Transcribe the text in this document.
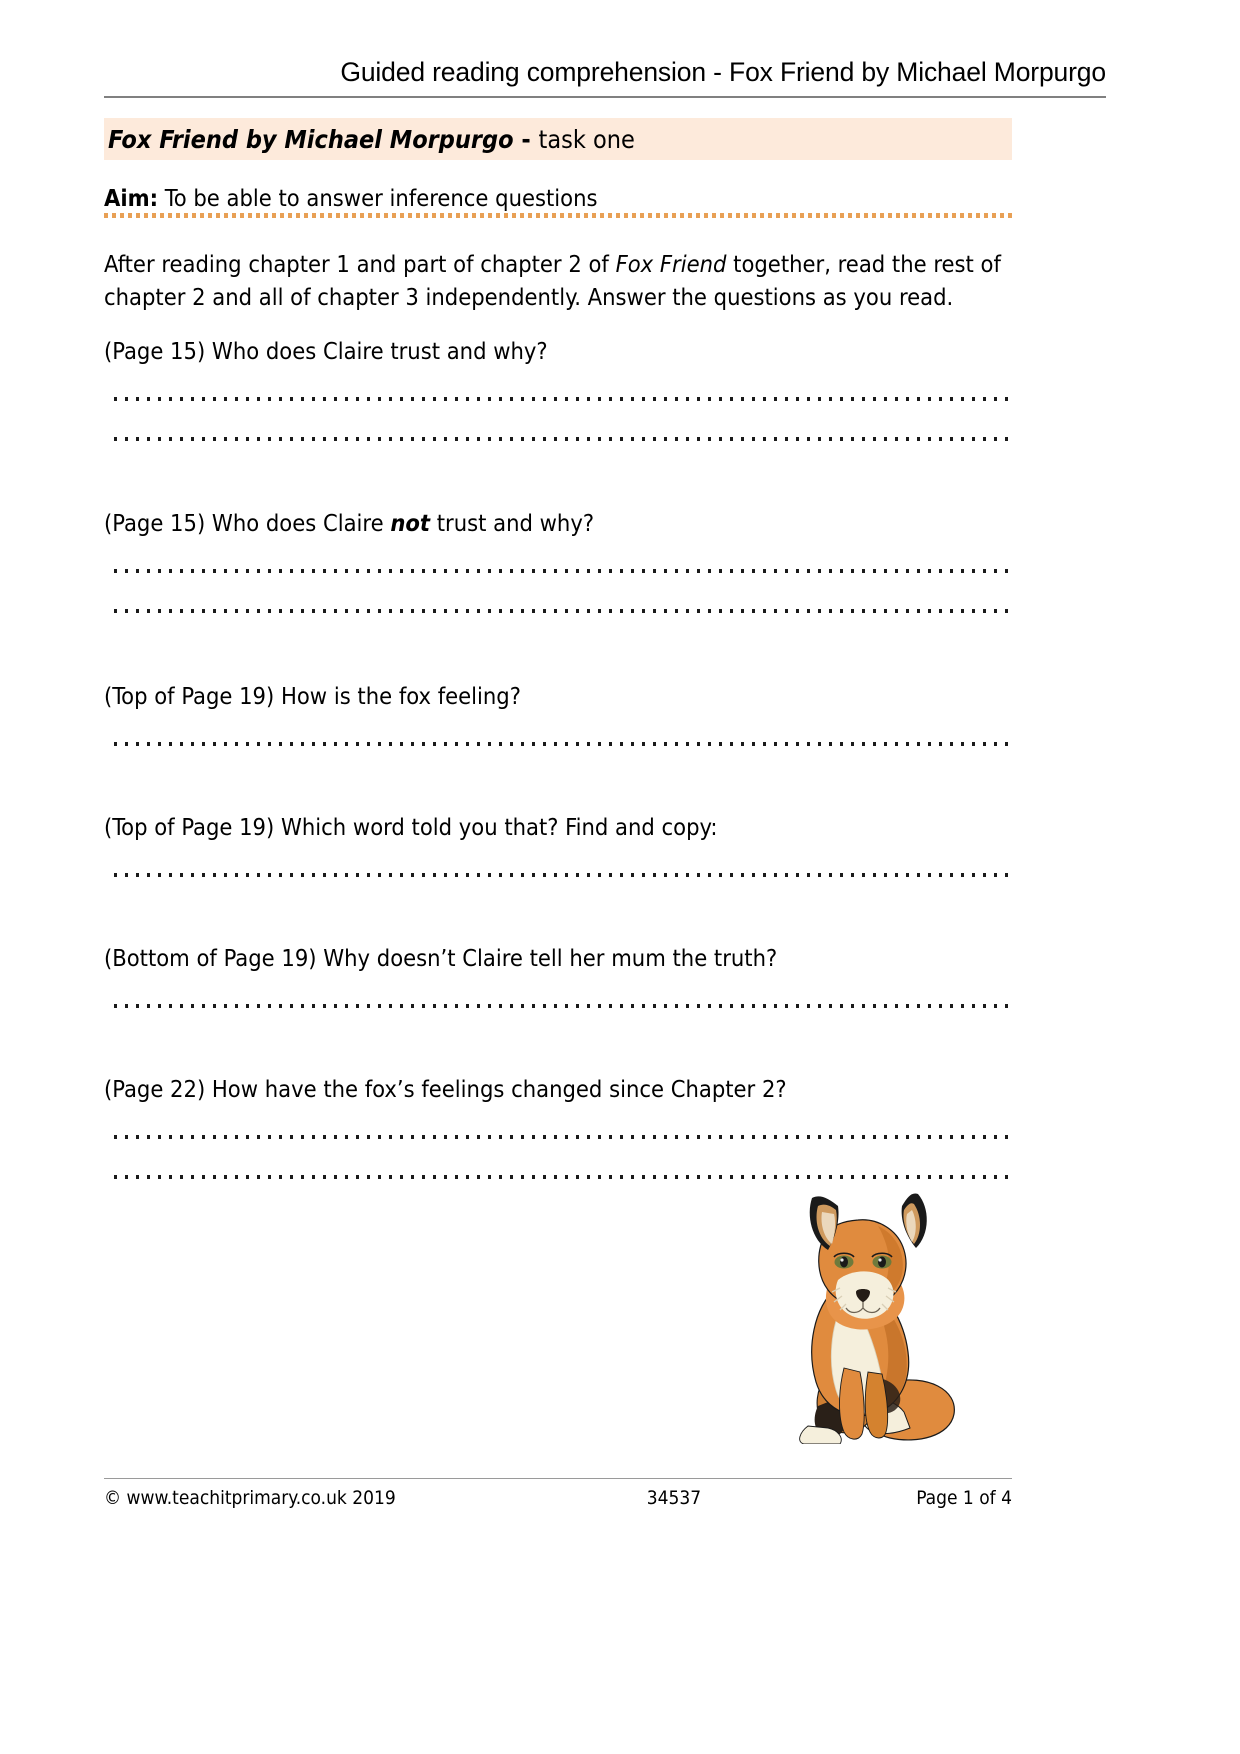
Guided reading comprehension - Fox Friend by Michael Morpurgo
Fox Friend by Michael Morpurgo - task one
Aim: To be able to answer inference questions
After reading chapter 1 and part of chapter 2 of Fox Friend together, read the rest of chapter 2 and all of chapter 3 independently. Answer the questions as you read.
(Page 15) Who does Claire trust and why?
(Page 15) Who does Claire not trust and why?
(Top of Page 19) How is the fox feeling?
(Top of Page 19) Which word told you that? Find and copy:
(Bottom of Page 19) Why doesn’t Claire tell her mum the truth?
(Page 22) How have the fox’s feelings changed since Chapter 2?
© www.teachitprimary.co.uk 2019	34537	Page 1 of 4
